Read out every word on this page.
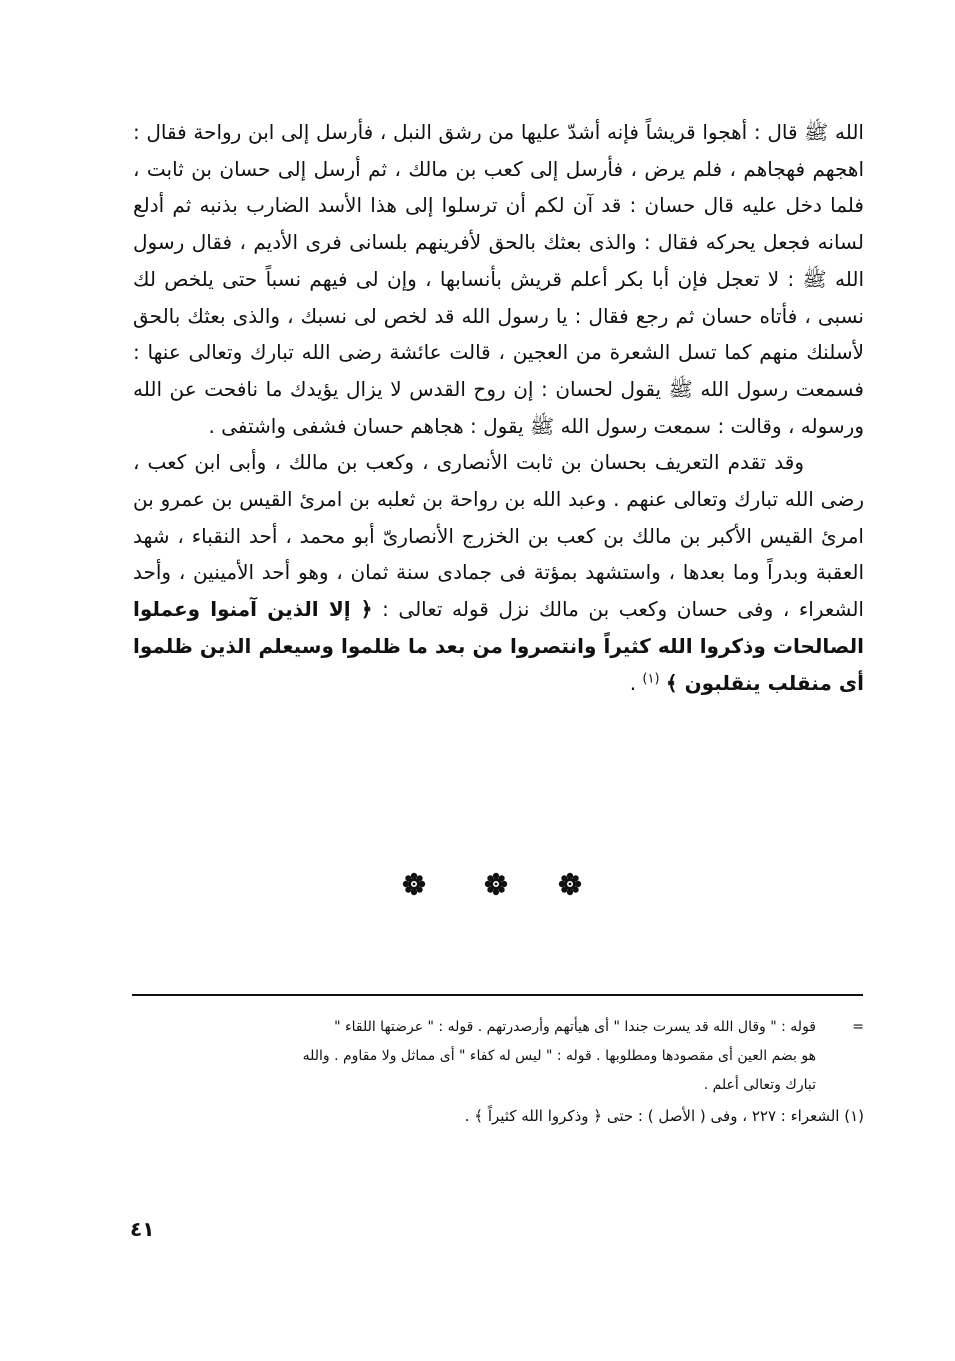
الله ﷺ قال : أهجوا قريشاً فإنه أشدّ عليها من رشق النبل ، فأرسل إلى ابن رواحة فقال : اهجهم فهجاهم ، فلم يرض ، فأرسل إلى كعب بن مالك ، ثم أرسل إلى حسان بن ثابت ، فلما دخل عليه قال حسان : قد آن لكم أن ترسلوا إلى هذا الأسد الضارب بذنبه ثم أدلع لسانه فجعل يحركه فقال : والذى بعثك بالحق لأفرينهم بلسانى فرى الأديم ، فقال رسول الله ﷺ : لا تعجل فإن أبا بكر أعلم قريش بأنسابها ، وإن لى فيهم نسباً حتى يلخص لك نسبى ، فأتاه حسان ثم رجع فقال : يا رسول الله قد لخص لى نسبك ، والذى بعثك بالحق لأسلنك منهم كما تسل الشعرة من العجين ، قالت عائشة رضى الله تبارك وتعالى عنها : فسمعت رسول الله ﷺ يقول لحسان : إن روح القدس لا يزال يؤيدك ما نافحت عن الله ورسوله ، وقالت : سمعت رسول الله ﷺ يقول : هجاهم حسان فشفى واشتفى .

وقد تقدم التعريف بحسان بن ثابت الأنصارى ، وكعب بن مالك ، وأبى ابن كعب ، رضى الله تبارك وتعالى عنهم . وعبد الله بن رواحة بن ثعلبه بن امرئ القيس بن عمرو بن امرئ القيس الأكبر بن مالك بن كعب بن الخزرج الأنصارىّ أبو محمد ، أحد النقباء ، شهد العقبة وبدراً وما بعدها ، واستشهد بمؤتة فى جمادى سنة ثمان ، وهو أحد الأمينين ، وأحد الشعراء ، وفى حسان وكعب بن مالك نزل قوله تعالى : ﴿ إلا الذين آمنوا وعملوا الصالحات وذكروا الله كثيراً وانتصروا من بعد ما ظلموا وسيعلم الذين ظلموا أى منقلب ينقلبون ﴾ $^{(١)}$ .

=
قوله : " وقال الله قد يسرت جندا " أى هيأتهم وأرصدرتهم . قوله : " عرضتها اللقاء "
هو بضم العين أى مقصودها ومطلوبها . قوله : " ليس له كفاء " أى مماثل ولا مقاوم . والله
تبارك وتعالى أعلم .
(١) الشعراء : ٢٢٧ ، وفى ( الأصل ) : حتى ﴿ وذكروا الله كثيراً ﴾ .
٤١
